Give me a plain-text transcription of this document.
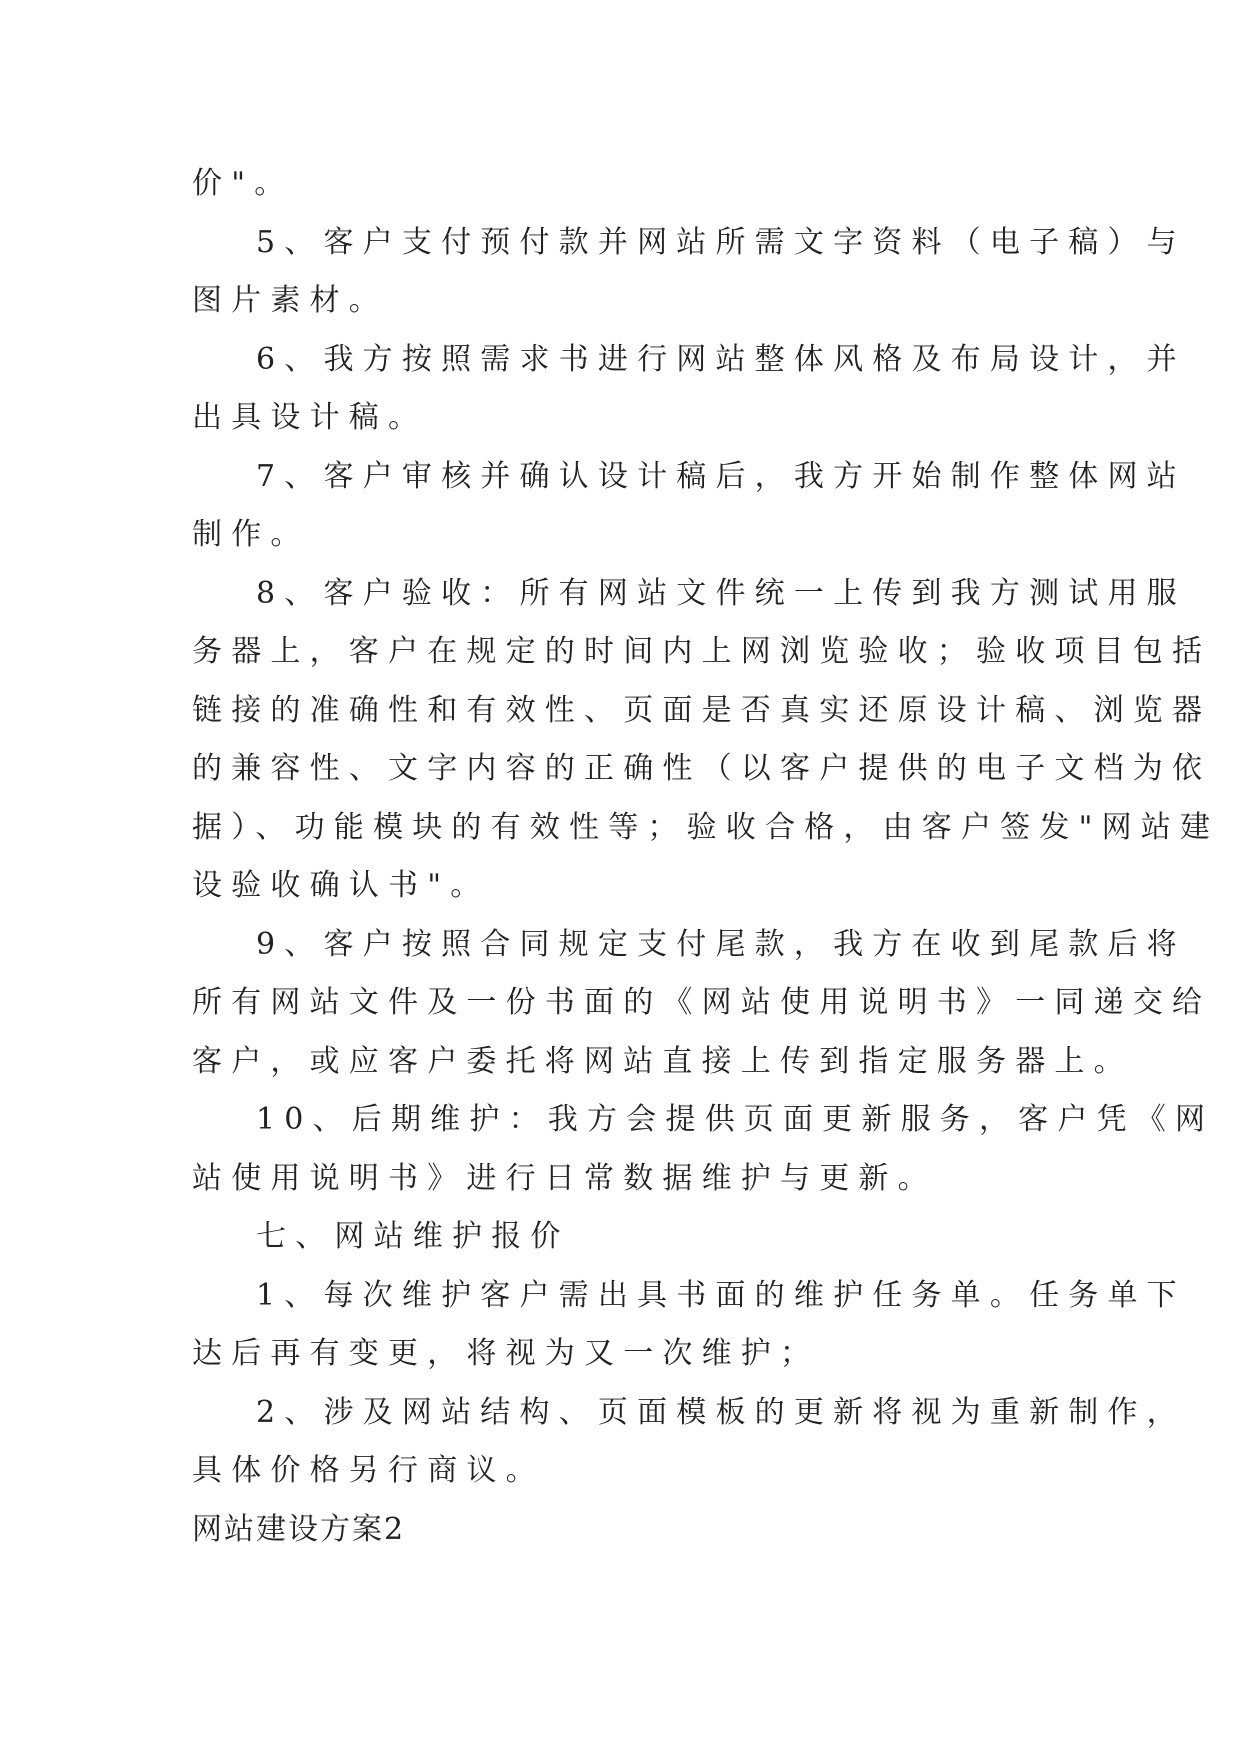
价"。
5、客户支付预付款并网站所需文字资料（电子稿）与
图片素材。
6、我方按照需求书进行网站整体风格及布局设计，并
出具设计稿。
7、客户审核并确认设计稿后，我方开始制作整体网站
制作。
8、客户验收：所有网站文件统一上传到我方测试用服
务器上，客户在规定的时间内上网浏览验收；验收项目包括
链接的准确性和有效性、页面是否真实还原设计稿、浏览器
的兼容性、文字内容的正确性（以客户提供的电子文档为依
据）、功能模块的有效性等；验收合格，由客户签发"网站建
设验收确认书"。
9、客户按照合同规定支付尾款，我方在收到尾款后将
所有网站文件及一份书面的《网站使用说明书》一同递交给
客户，或应客户委托将网站直接上传到指定服务器上。
10、后期维护：我方会提供页面更新服务，客户凭《网
站使用说明书》进行日常数据维护与更新。
七、网站维护报价
1、每次维护客户需出具书面的维护任务单。任务单下
达后再有变更，将视为又一次维护；
2、涉及网站结构、页面模板的更新将视为重新制作，
具体价格另行商议。
网站建设方案2
